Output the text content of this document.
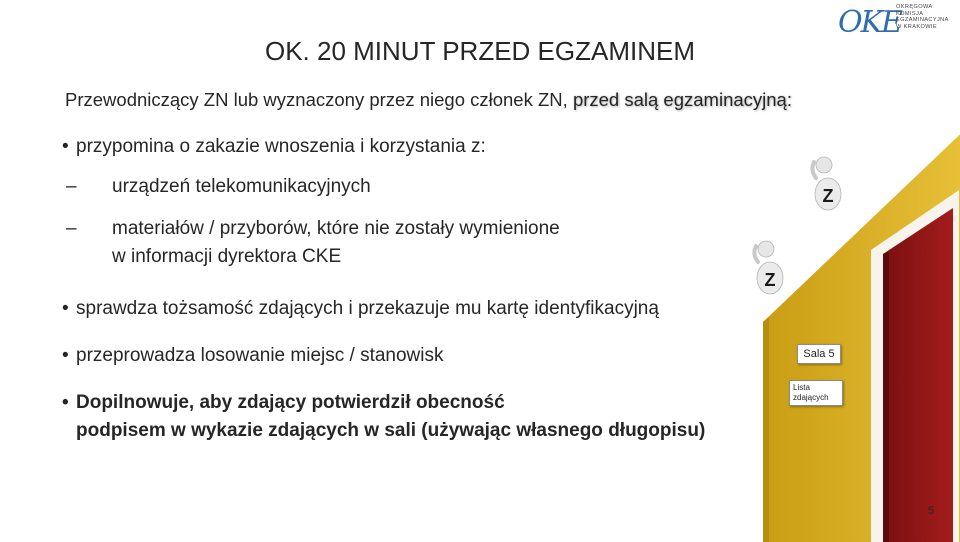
OKE
OKRĘGOWA
KOMISJA
EGZAMINACYJNA
W KRAKOWIE
OK. 20 MINUT PRZED EGZAMINEM
Przewodniczący ZN lub wyznaczony przez niego członek ZN, przed salą egzaminacyjną:
• przypomina o zakazie wnoszenia i korzystania z:
– urządzeń telekomunikacyjnych
– materiałów / przyborów, które nie zostały wymienione
w informacji dyrektora CKE
• sprawdza tożsamość zdających i przekazuje mu kartę identyfikacyjną
• przeprowadza losowanie miejsc / stanowisk
• Dopilnowuje, aby zdający potwierdził obecność
podpisem w wykazie zdających w sali (używając własnego długopisu)
Z
Z
Sala 5
Lista
zdających
5
